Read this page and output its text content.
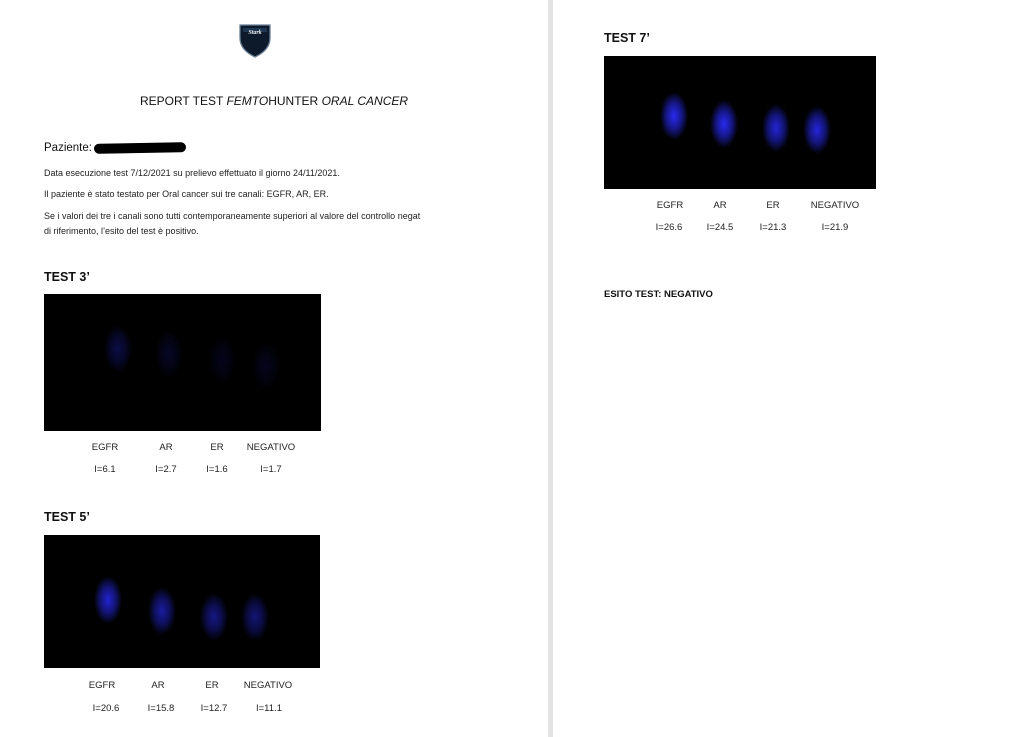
Stark
REPORT TEST FEMTOHUNTER ORAL CANCER
Paziente:
Data esecuzione test 7/12/2021 su prelievo effettuato il giorno 24/11/2021.
Il paziente è stato testato per Oral cancer sui tre canali: EGFR, AR, ER.
Se i valori dei tre i canali sono tutti contemporaneamente superiori al valore del controllo negat
di riferimento, l’esito del test è positivo.
TEST 3’
EGFR	AR	ER	NEGATIVO
I=6.1	I=2.7	I=1.6	I=1.7
TEST 5’
EGFR	AR	ER	NEGATIVO
I=20.6	I=15.8	I=12.7	I=11.1
TEST 7’
EGFR	AR	ER	NEGATIVO
I=26.6	I=24.5	I=21.3	I=21.9
ESITO TEST: NEGATIVO
